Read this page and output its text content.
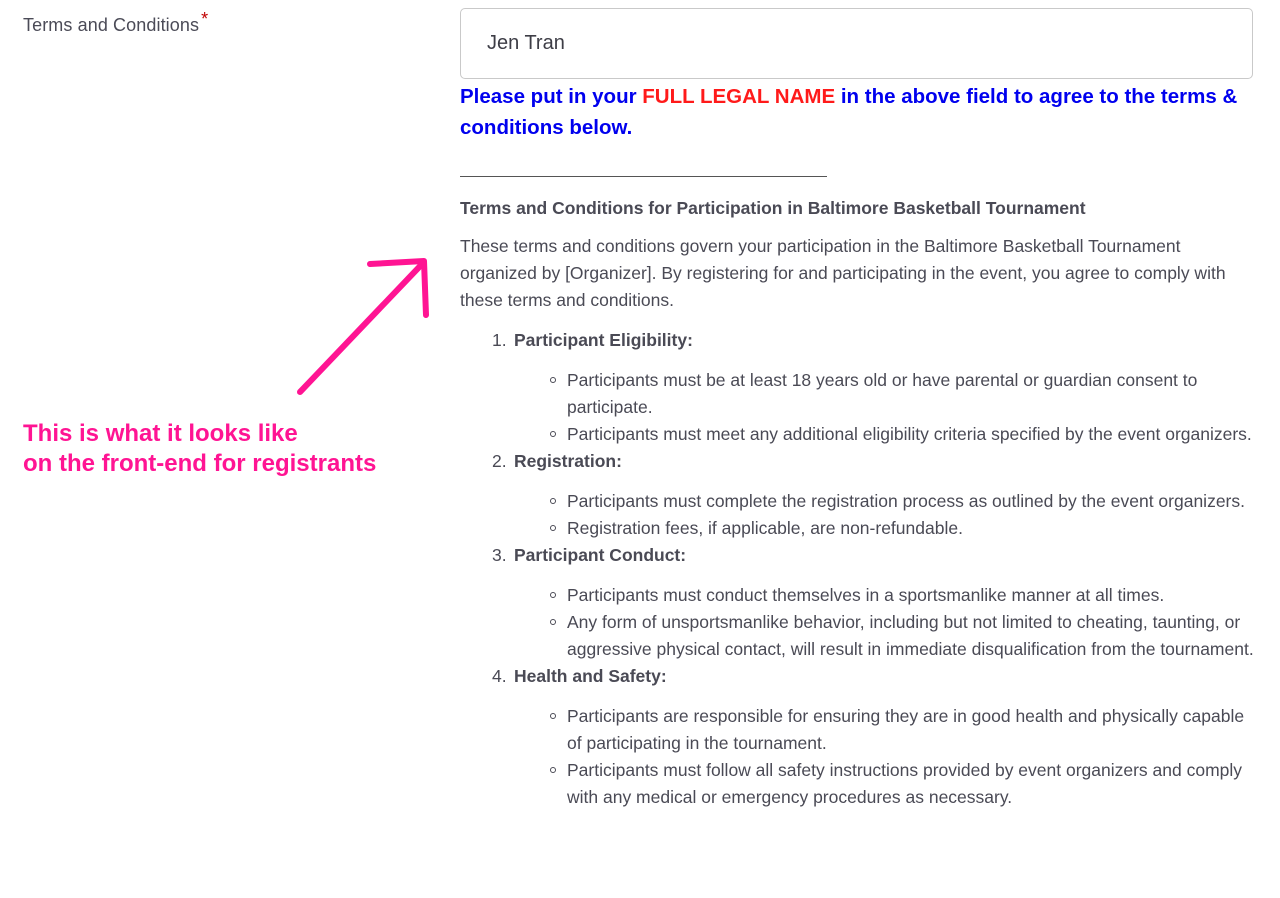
Terms and Conditions *
Jen Tran
Please put in your FULL LEGAL NAME in the above field to agree to the terms & conditions below.
Terms and Conditions for Participation in Baltimore Basketball Tournament

These terms and conditions govern your participation in the Baltimore Basketball Tournament organized by [Organizer]. By registering for and participating in the event, you agree to comply with these terms and conditions.

1. Participant Eligibility:
Participants must be at least 18 years old or have parental or guardian consent to participate.
Participants must meet any additional eligibility criteria specified by the event organizers.
2. Registration:
Participants must complete the registration process as outlined by the event organizers.
Registration fees, if applicable, are non-refundable.
3. Participant Conduct:
Participants must conduct themselves in a sportsmanlike manner at all times.
Any form of unsportsmanlike behavior, including but not limited to cheating, taunting, or aggressive physical contact, will result in immediate disqualification from the tournament.
4. Health and Safety:
Participants are responsible for ensuring they are in good health and physically capable of participating in the tournament.
Participants must follow all safety instructions provided by event organizers and comply with any medical or emergency procedures as necessary.
This is what it looks like
on the front-end for registrants
